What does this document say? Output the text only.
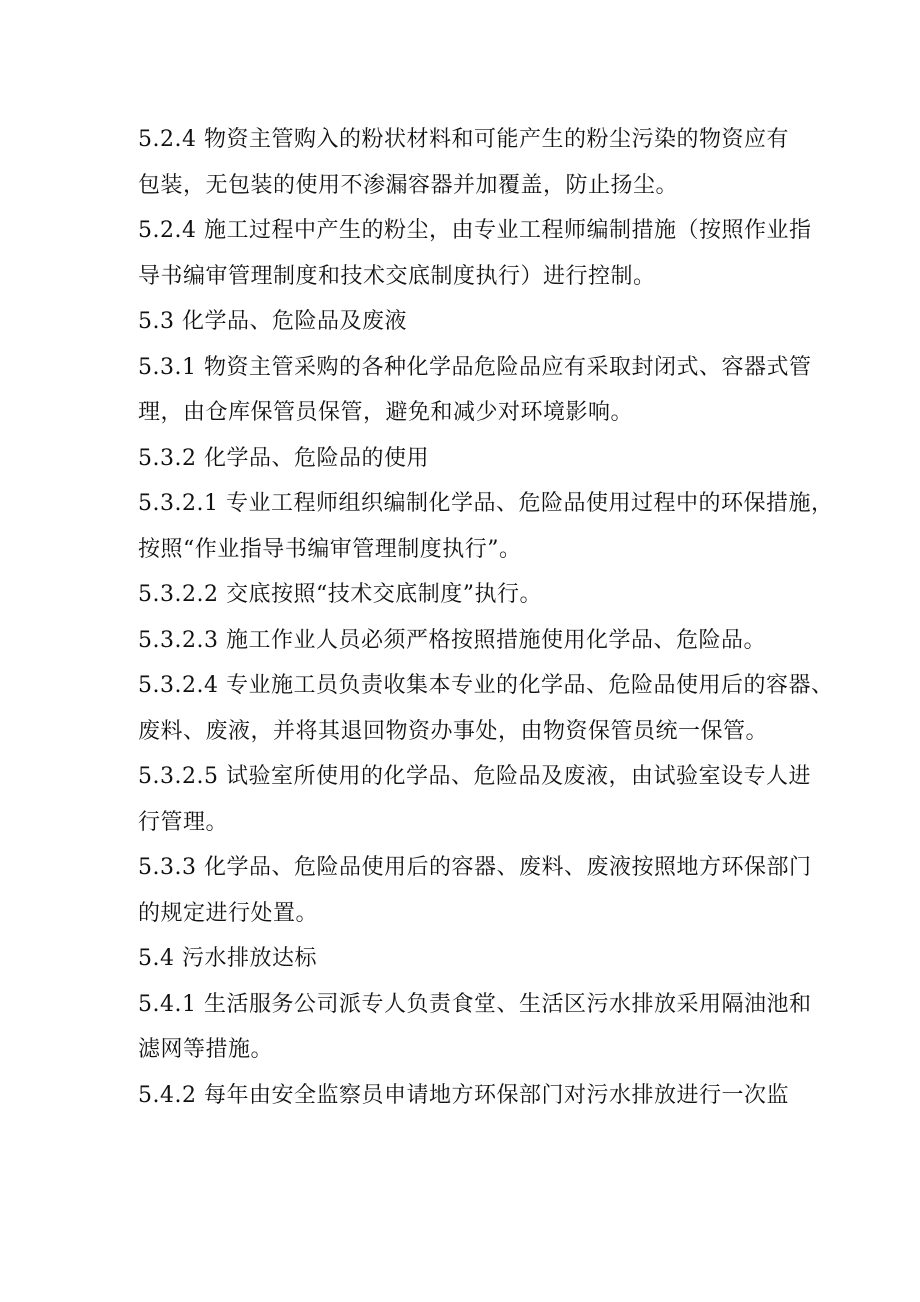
5.2.4 物资主管购入的粉状材料和可能产生的粉尘污染的物资应有
包装，无包装的使用不渗漏容器并加覆盖，防止扬尘。
5.2.4 施工过程中产生的粉尘，由专业工程师编制措施（按照作业指
导书编审管理制度和技术交底制度执行）进行控制。
5.3 化学品、危险品及废液
5.3.1 物资主管采购的各种化学品危险品应有采取封闭式、容器式管
理，由仓库保管员保管，避免和减少对环境影响。
5.3.2 化学品、危险品的使用
5.3.2.1 专业工程师组织编制化学品、危险品使用过程中的环保措施，
按照“作业指导书编审管理制度执行”。
5.3.2.2 交底按照“技术交底制度”执行。
5.3.2.3 施工作业人员必须严格按照措施使用化学品、危险品。
5.3.2.4 专业施工员负责收集本专业的化学品、危险品使用后的容器、
废料、废液，并将其退回物资办事处，由物资保管员统一保管。
5.3.2.5 试验室所使用的化学品、危险品及废液，由试验室设专人进
行管理。
5.3.3 化学品、危险品使用后的容器、废料、废液按照地方环保部门
的规定进行处置。
5.4 污水排放达标
5.4.1 生活服务公司派专人负责食堂、生活区污水排放采用隔油池和
滤网等措施。
5.4.2 每年由安全监察员申请地方环保部门对污水排放进行一次监
